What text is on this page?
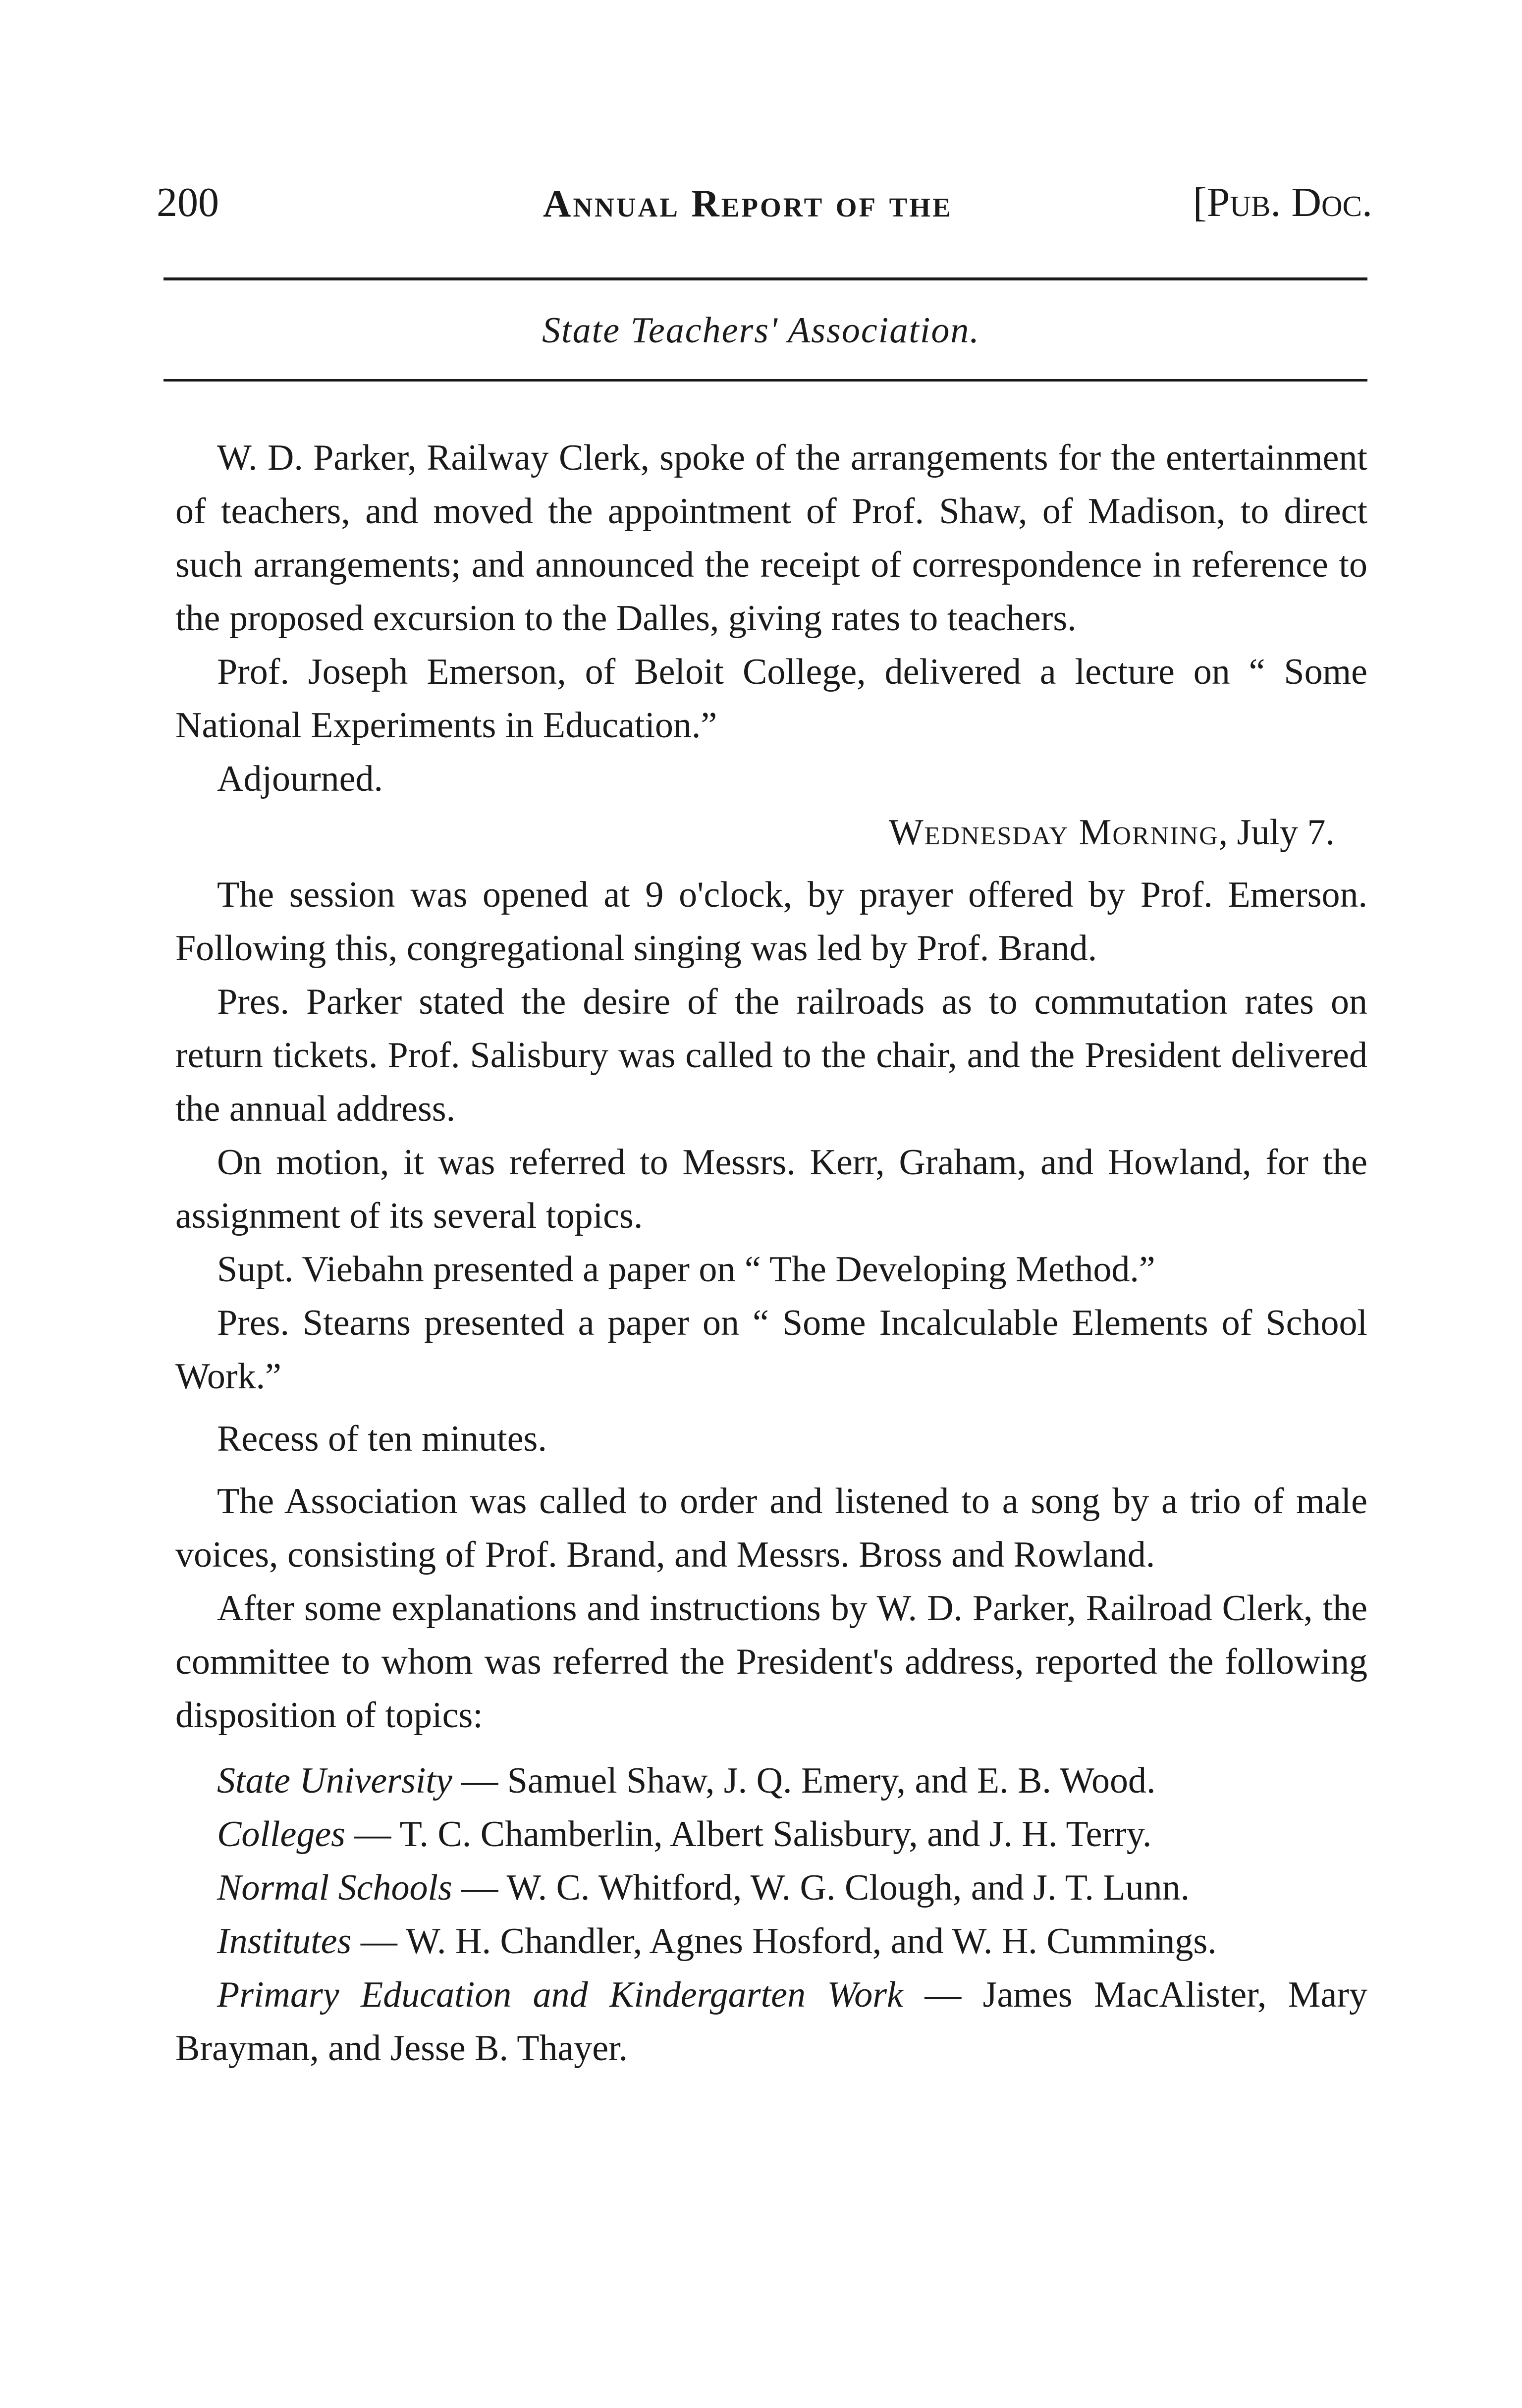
200	Annual Report of the	[Pub. Doc.
State Teachers' Association.

W. D. Parker, Railway Clerk, spoke of the arrangements for the entertainment of teachers, and moved the appointment of Prof. Shaw, of Madison, to direct such arrangements; and announced the receipt of correspondence in reference to the proposed excursion to the Dalles, giving rates to teachers.

Prof. Joseph Emerson, of Beloit College, delivered a lecture on “ Some National Experiments in Education.”

Adjourned.

Wednesday Morning, July 7.

The session was opened at 9 o'clock, by prayer offered by Prof. Emerson. Following this, congregational singing was led by Prof. Brand.

Pres. Parker stated the desire of the railroads as to commutation rates on return tickets. Prof. Salisbury was called to the chair, and the President delivered the annual address.

On motion, it was referred to Messrs. Kerr, Graham, and Howland, for the assignment of its several topics.

Supt. Viebahn presented a paper on “ The Developing Method.”

Pres. Stearns presented a paper on “ Some Incalculable Elements of School Work.”

Recess of ten minutes.

The Association was called to order and listened to a song by a trio of male voices, consisting of Prof. Brand, and Messrs. Bross and Rowland.

After some explanations and instructions by W. D. Parker, Railroad Clerk, the committee to whom was referred the President's address, reported the following disposition of topics:

State University — Samuel Shaw, J. Q. Emery, and E. B. Wood.

Colleges — T. C. Chamberlin, Albert Salisbury, and J. H. Terry.

Normal Schools — W. C. Whitford, W. G. Clough, and J. T. Lunn.

Institutes — W. H. Chandler, Agnes Hosford, and W. H. Cummings.

Primary Education and Kindergarten Work — James MacAlister, Mary Brayman, and Jesse B. Thayer.
